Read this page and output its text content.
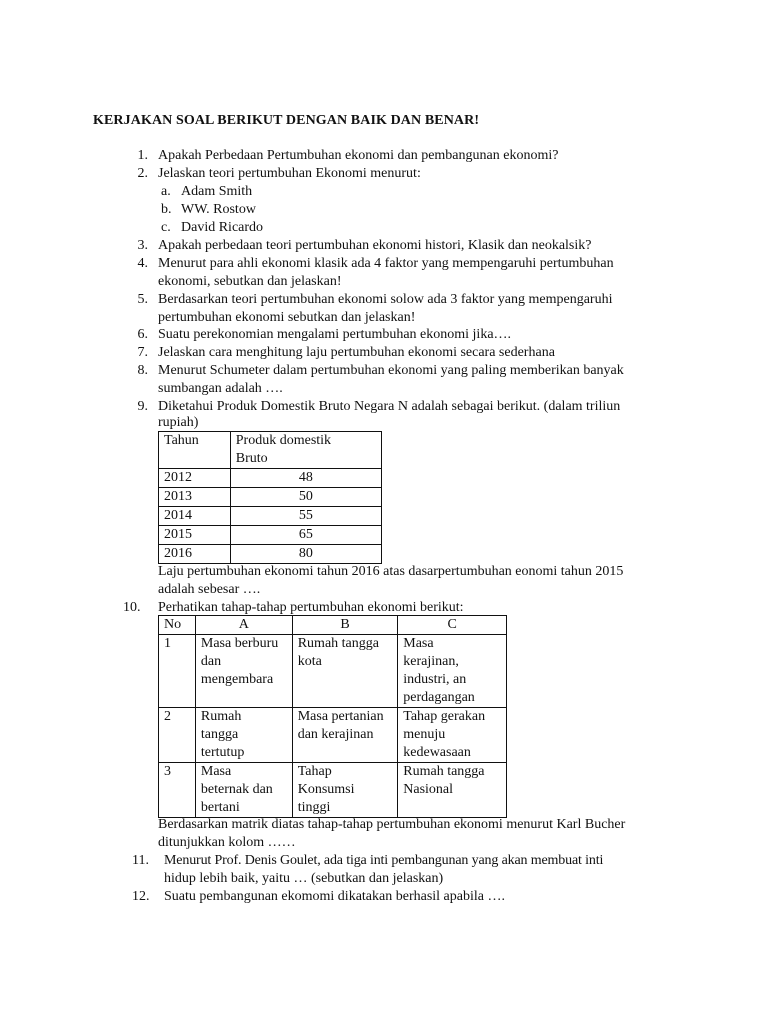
KERJAKAN SOAL BERIKUT DENGAN BAIK DAN BENAR!
1. Apakah Perbedaan Pertumbuhan ekonomi dan pembangunan ekonomi?
2. Jelaskan teori pertumbuhan Ekonomi menurut:
a. Adam Smith
b. WW. Rostow
c. David Ricardo
3. Apakah perbedaan teori pertumbuhan ekonomi histori, Klasik dan neokalsik?
4. Menurut para ahli ekonomi klasik ada 4 faktor yang mempengaruhi pertumbuhan
ekonomi, sebutkan dan jelaskan!
5. Berdasarkan teori pertumbuhan ekonomi solow ada 3 faktor yang mempengaruhi
pertumbuhan ekonomi sebutkan dan jelaskan!
6. Suatu perekonomian mengalami pertumbuhan ekonomi jika….
7. Jelaskan cara menghitung laju pertumbuhan ekonomi secara sederhana
8. Menurut Schumeter dalam pertumbuhan ekonomi yang paling memberikan banyak
sumbangan adalah ….
9. Diketahui Produk Domestik Bruto Negara N adalah sebagai berikut. (dalam triliun
rupiah)
Tahun	Produk domestik
Bruto
2012	48
2013	50
2014	55
2015	65
2016	80
Laju pertumbuhan ekonomi tahun 2016 atas dasarpertumbuhan eonomi tahun 2015
adalah sebesar ….
10.	Perhatikan tahap-tahap pertumbuhan ekonomi berikut:
No	A	B	C
1	Masa berburu
dan
mengembara	Rumah tangga
kota	Masa
kerajinan,
industri, an
perdagangan
2	Rumah
tangga
tertutup	Masa pertanian
dan kerajinan	Tahap gerakan
menuju
kedewasaan
3	Masa
beternak dan
bertani	Tahap
Konsumsi
tinggi	Rumah tangga
Nasional
Berdasarkan matrik diatas tahap-tahap pertumbuhan ekonomi menurut Karl Bucher
ditunjukkan kolom ……
11.	Menurut Prof. Denis Goulet, ada tiga inti pembangunan yang akan membuat inti
hidup lebih baik, yaitu … (sebutkan dan jelaskan)
12.	Suatu pembangunan ekomomi dikatakan berhasil apabila ….
